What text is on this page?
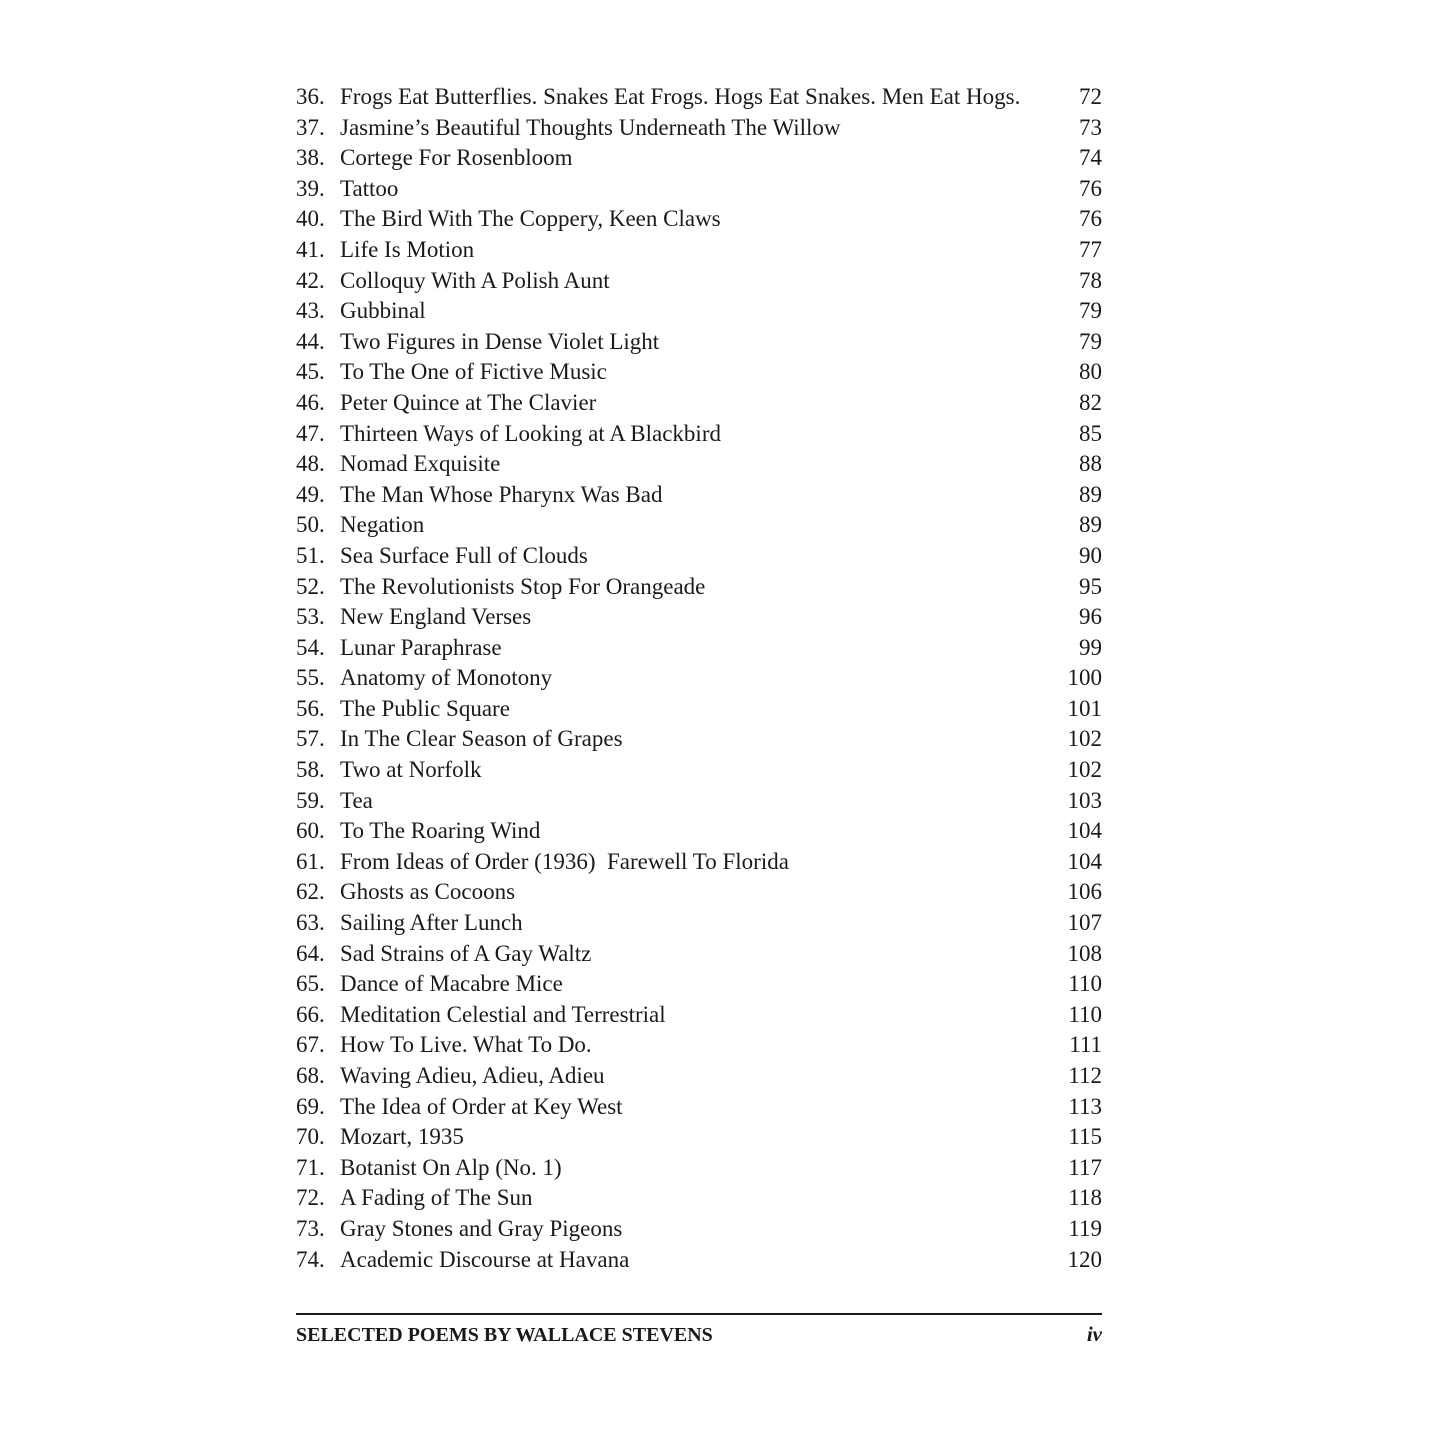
36. Frogs Eat Butterflies. Snakes Eat Frogs. Hogs Eat Snakes. Men Eat Hogs.	72
37. Jasmine’s Beautiful Thoughts Underneath The Willow	73
38. Cortege For Rosenbloom	74
39. Tattoo	76
40. The Bird With The Coppery, Keen Claws	76
41. Life Is Motion	77
42. Colloquy With A Polish Aunt	78
43. Gubbinal	79
44. Two Figures in Dense Violet Light	79
45. To The One of Fictive Music	80
46. Peter Quince at The Clavier	82
47. Thirteen Ways of Looking at A Blackbird	85
48. Nomad Exquisite	88
49. The Man Whose Pharynx Was Bad	89
50. Negation	89
51. Sea Surface Full of Clouds	90
52. The Revolutionists Stop For Orangeade	95
53. New England Verses	96
54. Lunar Paraphrase	99
55. Anatomy of Monotony	100
56. The Public Square	101
57. In The Clear Season of Grapes	102
58. Two at Norfolk	102
59. Tea	103
60. To The Roaring Wind	104
61. From Ideas of Order (1936)  Farewell To Florida	104
62. Ghosts as Cocoons	106
63. Sailing After Lunch	107
64. Sad Strains of A Gay Waltz	108
65. Dance of Macabre Mice	110
66. Meditation Celestial and Terrestrial	110
67. How To Live. What To Do.	111
68. Waving Adieu, Adieu, Adieu	112
69. The Idea of Order at Key West	113
70. Mozart, 1935	115
71. Botanist On Alp (No. 1)	117
72. A Fading of The Sun	118
73. Gray Stones and Gray Pigeons	119
74. Academic Discourse at Havana	120
SELECTED POEMS BY WALLACE STEVENS	iv
